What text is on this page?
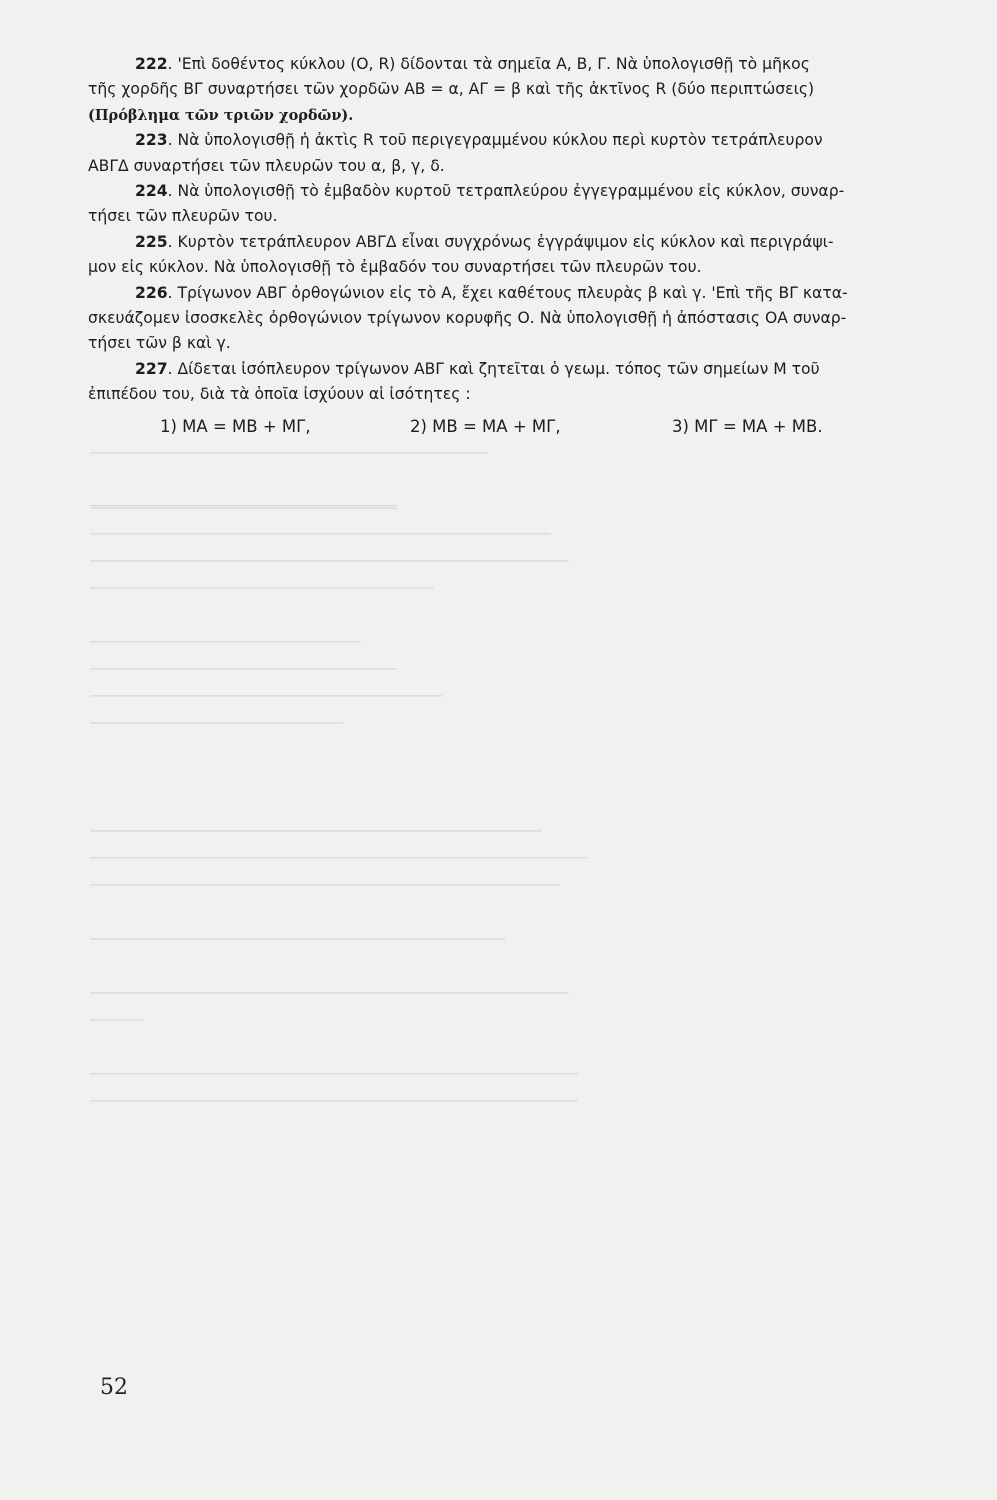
────────────────────────────────────────────

══════════════════════════════════
───────────────────────────────────────────────────
─────────────────────────────────────────────────────
──────────────────────────────────────

──────────────────────────────
──────────────────────────────────
───────────────────────────────────────
────────────────────────────

──────────────────────────────────────────────────
───────────────────────────────────────────────────────
────────────────────────────────────────────────────

──────────────────────────────────────────────

─────────────────────────────────────────────────────
──────

──────────────────────────────────────────────────────
──────────────────────────────────────────────────────

222. 'Επὶ δοθέντος κύκλου (O, R) δίδονται τὰ σημεῖα A, B, Γ. Νὰ ὑπολογισθῇ τὸ μῆκος

τῆς χορδῆς ΒΓ συναρτήσει τῶν χορδῶν AB = α, ΑΓ = β καὶ τῆς ἀκτῖνος R (δύο περιπτώσεις)

(Πρόβλημα τῶν τριῶν χορδῶν).

223. Νὰ ὑπολογισθῇ ἡ ἀκτὶς R τοῦ περιγεγραμμένου κύκλου περὶ κυρτὸν τετράπλευρον

ΑΒΓΔ συναρτήσει τῶν πλευρῶν του α, β, γ, δ.

224. Νὰ ὑπολογισθῇ τὸ ἐμβαδὸν κυρτοῦ τετραπλεύρου ἐγγεγραμμένου εἰς κύκλον, συναρ-

τήσει τῶν πλευρῶν του.

225. Κυρτὸν τετράπλευρον ΑΒΓΔ εἶναι συγχρόνως ἐγγράψιμον εἰς κύκλον καὶ περιγράψι-

μον εἰς κύκλον. Νὰ ὑπολογισθῇ τὸ ἐμβαδόν του συναρτήσει τῶν πλευρῶν του.

226. Τρίγωνον ΑΒΓ ὀρθογώνιον εἰς τὸ A, ἔχει καθέτους πλευρὰς β καὶ γ. 'Επὶ τῆς ΒΓ κατα-

σκευάζομεν ἰσοσκελὲς ὀρθογώνιον τρίγωνον κορυφῆς Ο. Νὰ ὑπολογισθῇ ἡ ἀπόστασις ΟΑ συναρ-

τήσει τῶν β καὶ γ.

227. Δίδεται ἰσόπλευρον τρίγωνον ΑΒΓ καὶ ζητεῖται ὁ γεωμ. τόπος τῶν σημείων Μ τοῦ

ἐπιπέδου του, διὰ τὰ ὁποῖα ἰσχύουν αἱ ἰσότητες :

1) MA = MB + ΜΓ,	2) MB = MA + ΜΓ,	3) ΜΓ = MA + MB.
52
